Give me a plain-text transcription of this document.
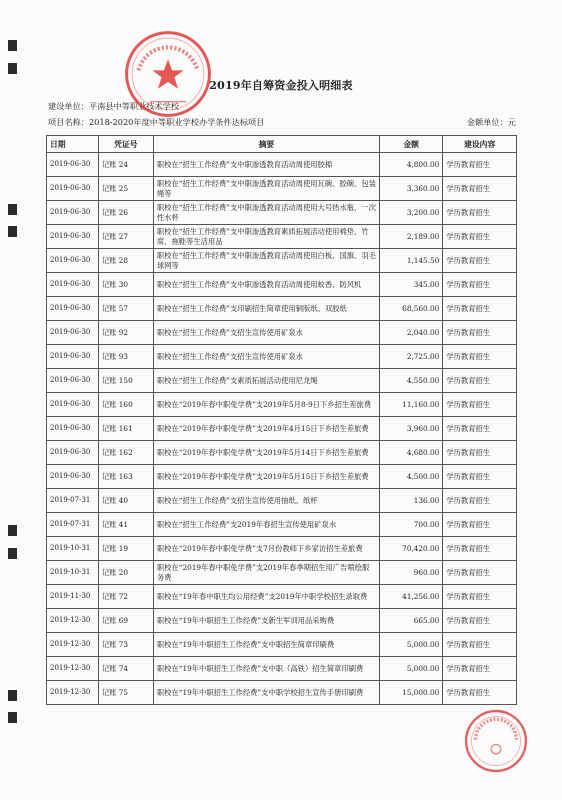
2019年自筹资金投入明细表
建设单位：平南县中等职业技术学校
项目名称：2018-2020年度中等职业学校办学条件达标项目	金额单位：元
日期	凭证号	摘要	金额	建设内容
2019-06-30	记账 24	职校在“招生工作经费”支中职渗透教育活动周使用胶棉	4,800.00	学历教育招生
2019-06-30	记账 25	职校在“招生工作经费”支中职渗透教育活动周使用瓦碗、胶碗、包装绳等	3,360.00	学历教育招生
2019-06-30	记账 26	职校在“招生工作经费”支中职渗透教育活动周使用大号热水瓶、一次性水杯	3,200.00	学历教育招生
2019-06-30	记账 27	职校在“招生工作经费”支中职渗透教育素质拓展活动使用棉垫、竹席、拖鞋等生活用品	2,189.00	学历教育招生
2019-06-30	记账 28	职校在“招生工作经费”支中职渗透教育活动周使用白板、国旗、羽毛球网等	1,145.50	学历教育招生
2019-06-30	记账 30	职校在“招生工作经费”支中职渗透教育活动周使用蚊香、防风机	345.00	学历教育招生
2019-06-30	记账 57	职校在“招生工作经费”支印刷招生简章使用铜版纸、双胶纸	68,560.00	学历教育招生
2019-06-30	记账 92	职校在“招生工作经费”支招生宣传使用矿泉水	2,040.00	学历教育招生
2019-06-30	记账 93	职校在“招生工作经费”支招生宣传使用矿泉水	2,725.00	学历教育招生
2019-06-30	记账 150	职校在“招生工作经费”支素质拓展活动使用尼龙绳	4,550.00	学历教育招生
2019-06-30	记账 160	职校在“2019年春中职免学费”支2019年5月8-9日下乡招生差旅费	11,160.00	学历教育招生
2019-06-30	记账 161	职校在“2019年春中职免学费”支2019年4月15日下乡招生差旅费	3,960.00	学历教育招生
2019-06-30	记账 162	职校在“2019年春中职免学费”支2019年5月14日下乡招生差旅费	4,680.00	学历教育招生
2019-06-30	记账 163	职校在“2019年春中职免学费”支2019年5月15日下乡招生差旅费	4,500.00	学历教育招生
2019-07-31	记账 40	职校在“招生工作经费”支招生宣传使用抽纸、纸杯	136.00	学历教育招生
2019-07-31	记账 41	职校在“招生工作经费”支2019年春招生宣传使用矿泉水	700.00	学历教育招生
2019-10-31	记账 19	职校在“2019年春中职免学费”支7月份教师下乡家访招生差旅费	70,420.00	学历教育招生
2019-10-31	记账 20	职校在“2019年春中职免学费”支2019年春季期招生用广告喷绘服务费	960.00	学历教育招生
2019-11-30	记账 72	职校在“19年春中职生均公用经费”支2019年中职学校招生录取费	41,256.00	学历教育招生
2019-12-30	记账 69	职校在“19年中职招生工作经费”支新生军训用品采购费	665.00	学历教育招生
2019-12-30	记账 73	职校在“19年中职招生工作经费”支中职招生简章印刷费	5,000.00	学历教育招生
2019-12-30	记账 74	职校在“19年中职招生工作经费”支中职（高铁）招生简章印刷费	5,000.00	学历教育招生
2019-12-30	记账 75	职校在“19年中职招生工作经费”支中职学校招生宣传手册印刷费	15,000.00	学历教育招生
